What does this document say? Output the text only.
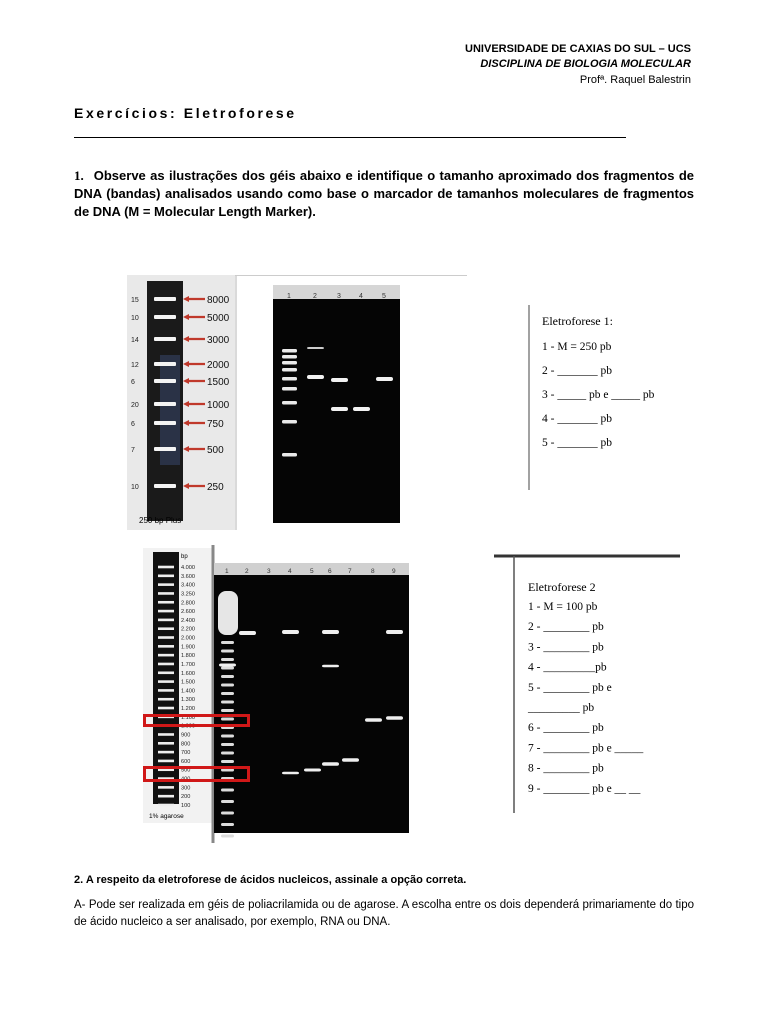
UNIVERSIDADE DE CAXIAS DO SUL – UCS
DISCIPLINA DE BIOLOGIA MOLECULAR
Profª. Raquel Balestrin
Exercícios: Eletroforese
1. Observe as ilustrações dos géis abaixo e identifique o tamanho aproximado dos fragmentos de DNA (bandas) analisados usando como base o marcador de tamanhos moleculares de fragmentos de DNA (M = Molecular Length Marker).
15
10
14
12
6
20
6
7
10
8000
5000
3000
2000
1500
1000
750
500
250
250 bp Plus
1	2	3	4	5
Eletroforese 1:
1 - M = 250 pb
2 - _______ pb
3 - _____ pb e _____ pb
4 - _______ pb
5 - _______ pb
bp
4.000
3.600
3.400
3.250
2.800
2.600
2.400
2.200
2.000
1.900
1.800
1.700
1.600
1.500
1.400
1.300
1.200
1.100
1.000
900
800
700
600
500
400
300
200
100
1% agarose
1	2	3	4	5 6	7	8	9
Eletroforese 2
1 - M = 100 pb
2 - ________ pb
3 - ________ pb
4 - _________pb
5 - ________ pb e
_________ pb
6 - ________ pb
7 - ________ pb e _____
8 - ________ pb
9 - ________ pb e __ __
2. A respeito da eletroforese de ácidos nucleicos, assinale a opção correta.
A- Pode ser realizada em géis de poliacrilamida ou de agarose. A escolha entre os dois dependerá primariamente do tipo de ácido nucleico a ser analisado, por exemplo, RNA ou DNA.
